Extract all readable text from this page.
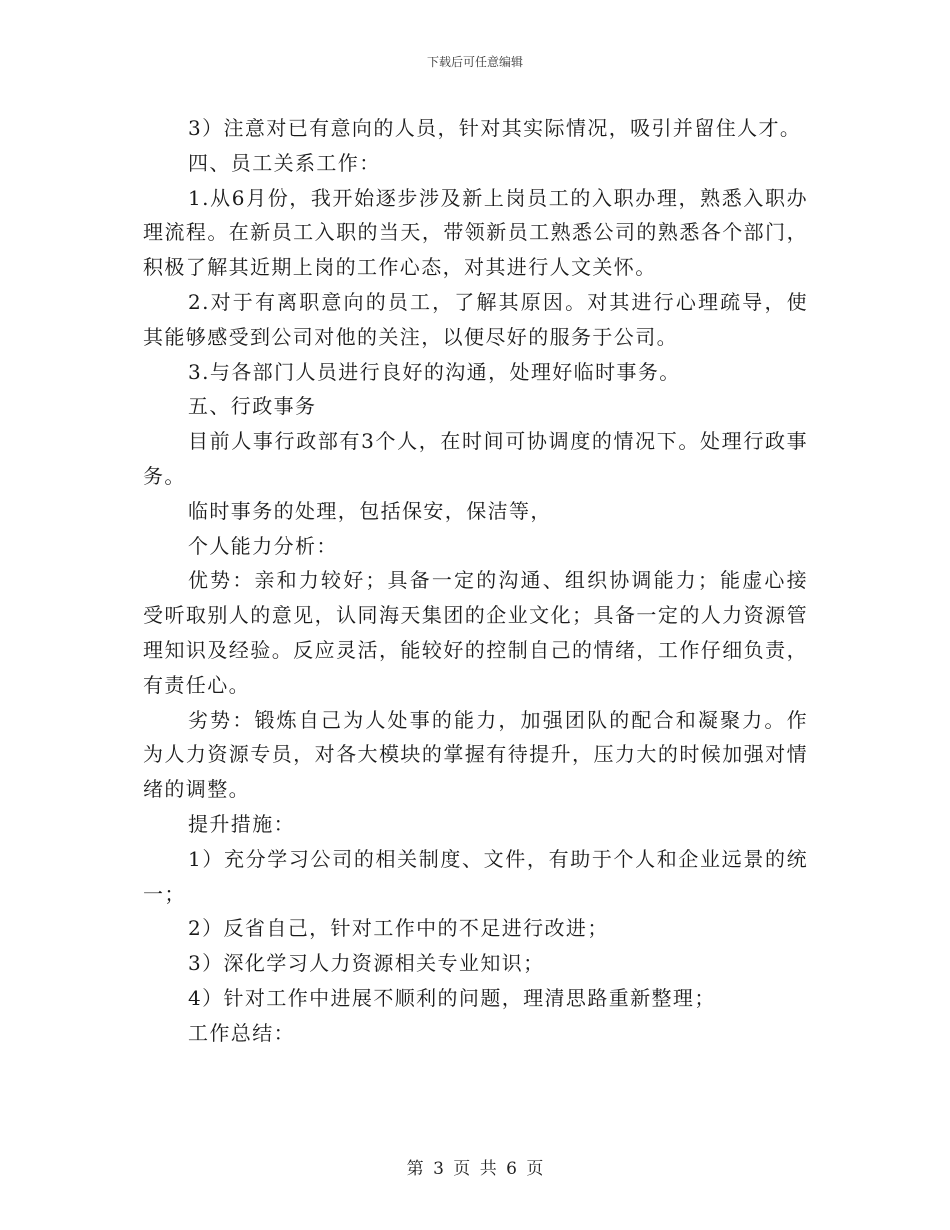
下载后可任意编辑

3）注意对已有意向的人员，针对其实际情况，吸引并留住人才。

四、员工关系工作：

1.从6月份，我开始逐步涉及新上岗员工的入职办理，熟悉入职办理流程。在新员工入职的当天，带领新员工熟悉公司的熟悉各个部门，积极了解其近期上岗的工作心态，对其进行人文关怀。

2.对于有离职意向的员工，了解其原因。对其进行心理疏导，使其能够感受到公司对他的关注，以便尽好的服务于公司。

3.与各部门人员进行良好的沟通，处理好临时事务。

五、行政事务

目前人事行政部有3个人，在时间可协调度的情况下。处理行政事务。

临时事务的处理，包括保安，保洁等，

个人能力分析：

优势：亲和力较好；具备一定的沟通、组织协调能力；能虚心接受听取别人的意见，认同海天集团的企业文化；具备一定的人力资源管理知识及经验。反应灵活，能较好的控制自己的情绪，工作仔细负责，有责任心。

劣势：锻炼自己为人处事的能力，加强团队的配合和凝聚力。作为人力资源专员，对各大模块的掌握有待提升，压力大的时候加强对情绪的调整。

提升措施：

1）充分学习公司的相关制度、文件，有助于个人和企业远景的统一；

2）反省自己，针对工作中的不足进行改进；

3）深化学习人力资源相关专业知识；

4）针对工作中进展不顺利的问题，理清思路重新整理；

工作总结：

第 3 页 共 6 页
